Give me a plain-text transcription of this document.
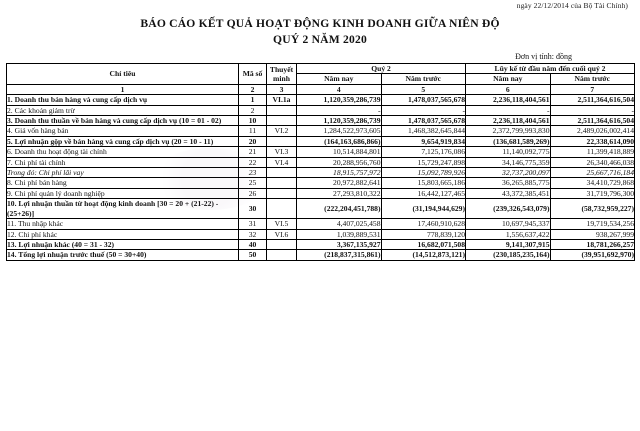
ngày 22/12/2014 của Bộ Tài Chính)
BÁO CÁO KẾT QUẢ HOẠT ĐỘNG KINH DOANH GIỮA NIÊN ĐỘ
QUÝ 2 NĂM 2020
Đơn vị tính: đồng
Chỉ tiêu	Mã số	Thuyết minh	Quý 2		Lũy kế từ đầu năm đến cuối quý 2	
			Năm nay	Năm trước	Năm nay	Năm trước
1	2	3	4	5	6	7
1. Doanh thu bán hàng và cung cấp dịch vụ	1	VI.1a	1,120,359,286,739	1,478,037,565,678	2,236,118,404,561	2,511,364,616,504
2. Các khoản giảm trừ	2		-	-	-	-
3. Doanh thu thuần về bán hàng và cung cấp dịch vụ (10 = 01 - 02)	10		1,120,359,286,739	1,478,037,565,678	2,236,118,404,561	2,511,364,616,504
4. Giá vốn hàng bán	11	VI.2	1,284,522,973,605	1,468,382,645,844	2,372,799,993,830	2,489,026,002,414
5. Lợi nhuận gộp về bán hàng và cung cấp dịch vụ (20 = 10 - 11)	20		(164,163,686,866)	9,654,919,834	(136,681,589,269)	22,338,614,090
6. Doanh thu hoạt động tài chính	21	VI.3	10,514,884,801	7,125,176,086	11,140,092,775	11,399,418,889
7. Chi phí tài chính	22	VI.4	20,288,956,760	15,729,247,898	34,146,775,359	26,340,466,038
Trong đó: Chi phí lãi vay	23		18,915,757,972	15,092,789,926	32,737,200,097	25,667,716,184
8. Chi phí bán hàng	25		20,972,882,641	15,803,665,186	36,265,885,775	34,410,729,868
9. Chi phí quản lý doanh nghiệp	26		27,293,810,322	16,442,127,465	43,372,385,451	31,719,796,300
10. Lợi nhuận thuần từ hoạt động kinh doanh [30 = 20 + (21-22) - (25+26)]	30		(222,204,451,788)	(31,194,944,629)	(239,326,543,079)	(58,732,959,227)
11. Thu nhập khác	31	VI.5	4,407,025,458	17,460,910,628	10,697,945,337	19,719,534,256
12. Chi phí khác	32	VI.6	1,039,889,531	778,839,120	1,556,637,422	938,267,999
13. Lợi nhuận khác (40 = 31 - 32)	40		3,367,135,927	16,682,071,508	9,141,307,915	18,781,266,257
14. Tổng lợi nhuận trước thuế (50 = 30+40)	50		(218,837,315,861)	(14,512,873,121)	(230,185,235,164)	(39,951,692,970)
